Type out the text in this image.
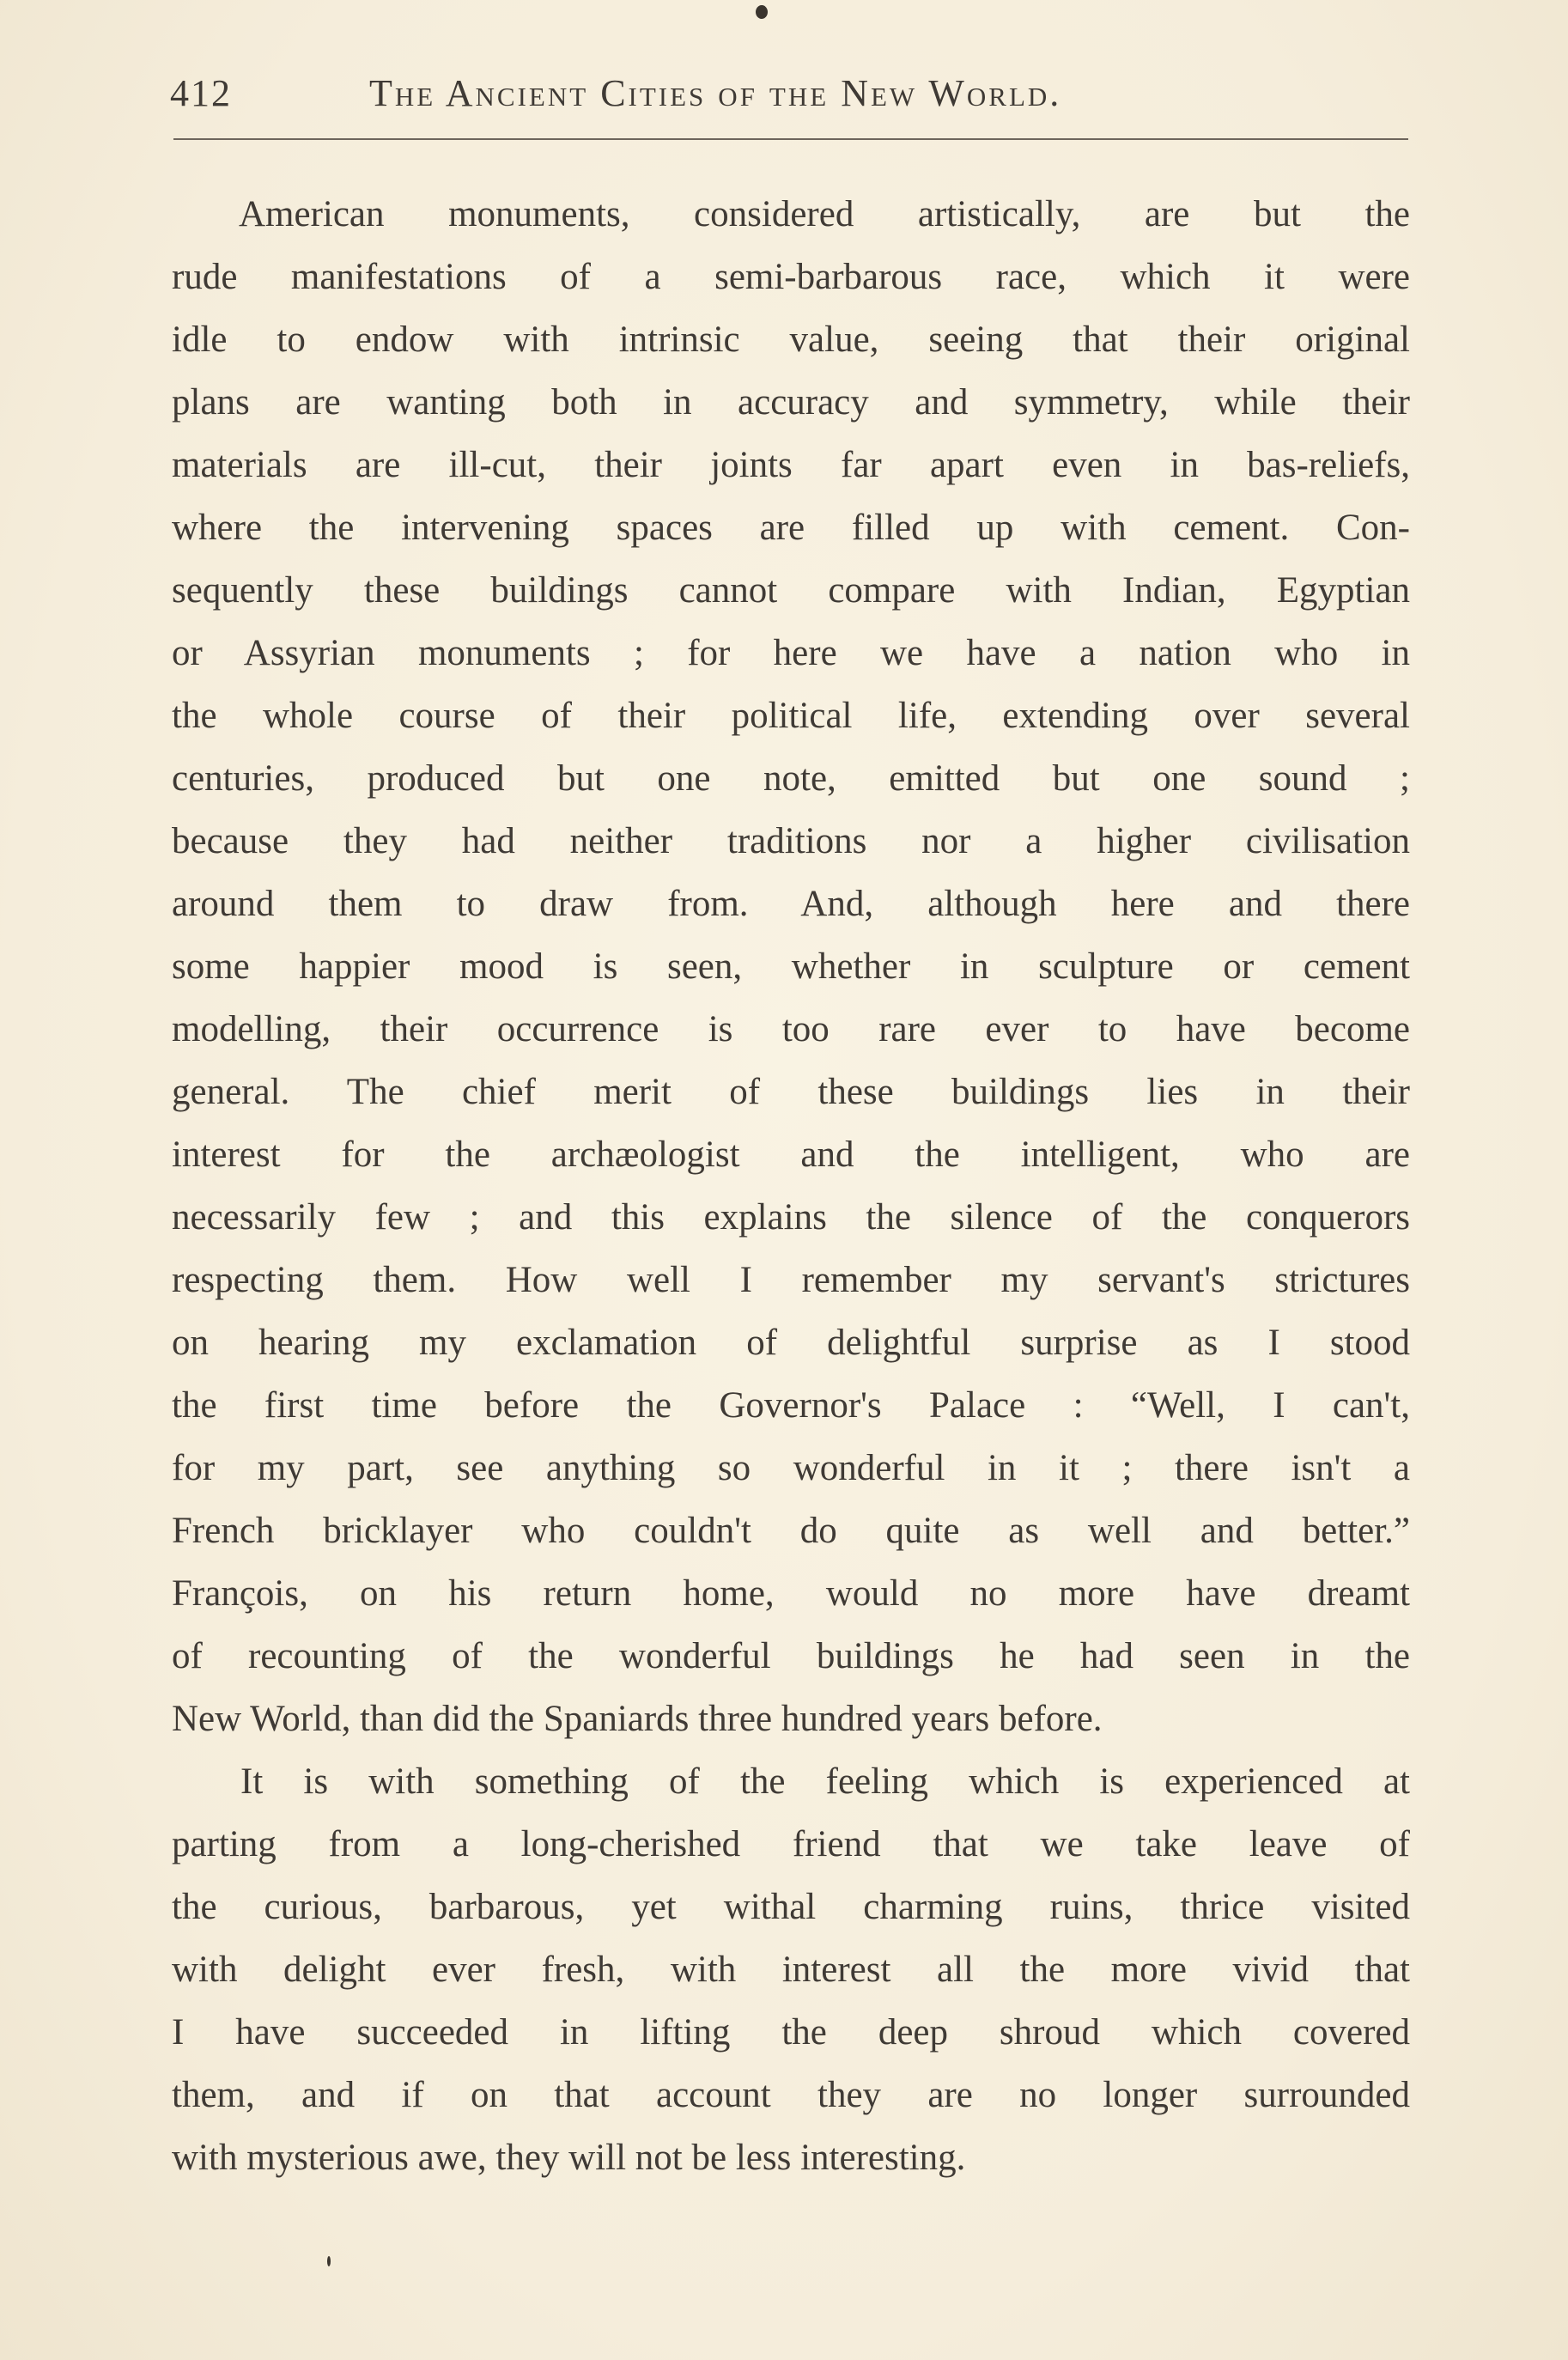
412	The Ancient Cities of the New World.
American monuments, considered artistically, are but the
rude manifestations of a semi-barbarous race, which it were
idle to endow with intrinsic value, seeing that their original
plans are wanting both in accuracy and symmetry, while their
materials are ill-cut, their joints far apart even in bas-reliefs,
where the intervening spaces are filled up with cement. Con-
sequently these buildings cannot compare with Indian, Egyptian
or Assyrian monuments ; for here we have a nation who in
the whole course of their political life, extending over several
centuries, produced but one note, emitted but one sound ;
because they had neither traditions nor a higher civilisation
around them to draw from. And, although here and there
some happier mood is seen, whether in sculpture or cement
modelling, their occurrence is too rare ever to have become
general. The chief merit of these buildings lies in their
interest for the archæologist and the intelligent, who are
necessarily few ; and this explains the silence of the conquerors
respecting them. How well I remember my servant's strictures
on hearing my exclamation of delightful surprise as I stood
the first time before the Governor's Palace : “Well, I can't,
for my part, see anything so wonderful in it ; there isn't a
French bricklayer who couldn't do quite as well and better.”
François, on his return home, would no more have dreamt
of recounting of the wonderful buildings he had seen in the
New World, than did the Spaniards three hundred years before.
It is with something of the feeling which is experienced at
parting from a long-cherished friend that we take leave of
the curious, barbarous, yet withal charming ruins, thrice visited
with delight ever fresh, with interest all the more vivid that
I have succeeded in lifting the deep shroud which covered
them, and if on that account they are no longer surrounded
with mysterious awe, they will not be less interesting.
